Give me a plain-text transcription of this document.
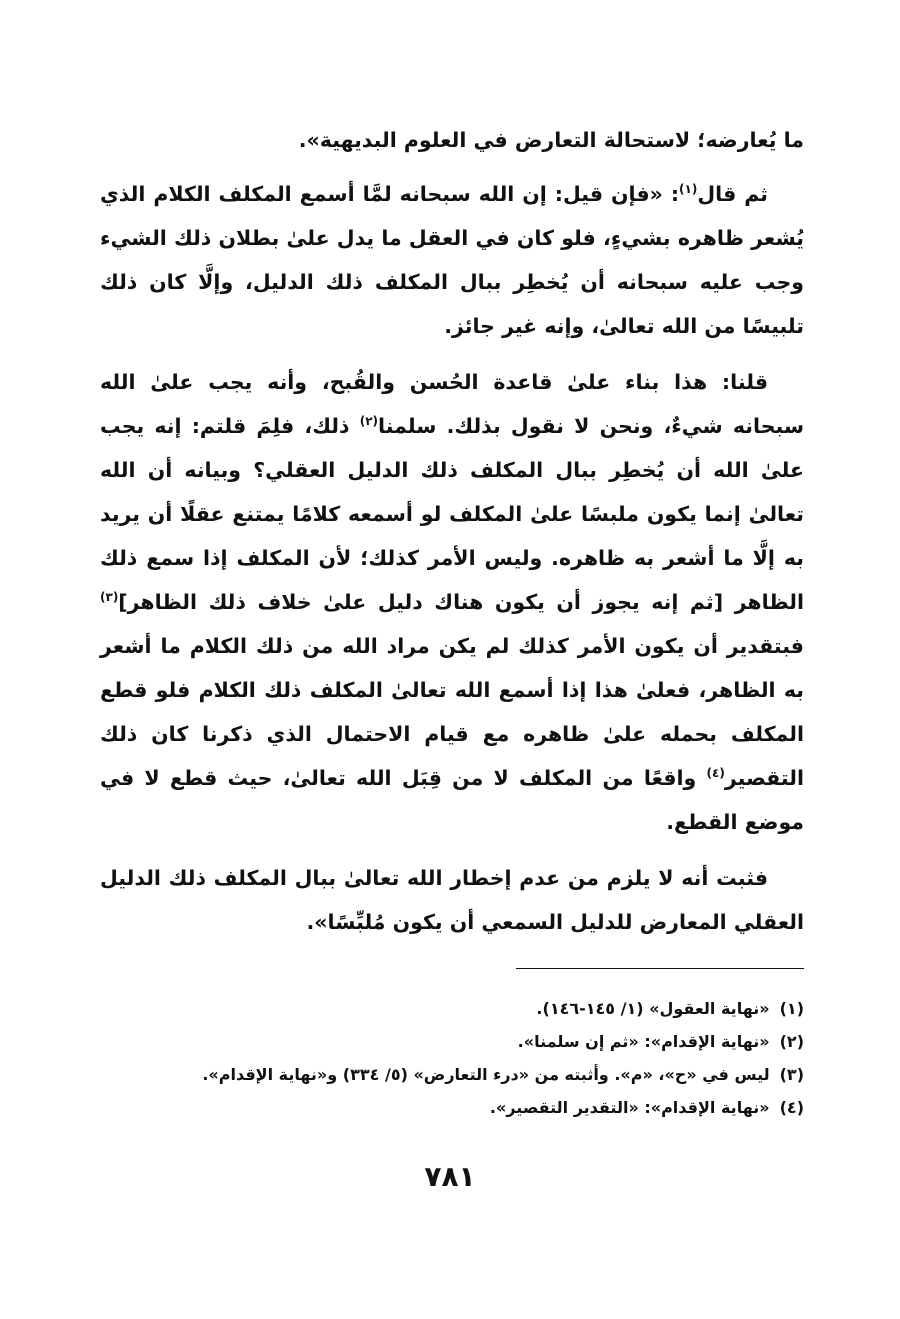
ما يُعارضه؛ لاستحالة التعارض في العلوم البديهية».

ثم قال$^{(١)}$: «فإن قيل: إن الله سبحانه لمَّا أسمع المكلف الكلام الذي يُشعر ظاهره بشيءٍ، فلو كان في العقل ما يدل علىٰ بطلان ذلك الشيء وجب عليه سبحانه أن يُخطِر ببال المكلف ذلك الدليل، وإلَّا كان ذلك تلبيسًا من الله تعالىٰ، وإنه غير جائز.

قلنا: هذا بناء علىٰ قاعدة الحُسن والقُبح، وأنه يجب علىٰ الله سبحانه شيءٌ، ونحن لا نقول بذلك. سلمنا$^{(٢)}$ ذلك، فلِمَ قلتم: إنه يجب علىٰ الله أن يُخطِر ببال المكلف ذلك الدليل العقلي؟ وبيانه أن الله تعالىٰ إنما يكون ملبسًا علىٰ المكلف لو أسمعه كلامًا يمتنع عقلًا أن يريد به إلَّا ما أشعر به ظاهره. وليس الأمر كذلك؛ لأن المكلف إذا سمع ذلك الظاهر [ثم إنه يجوز أن يكون هناك دليل علىٰ خلاف ذلك الظاهر]$^{(٣)}$ فبتقدير أن يكون الأمر كذلك لم يكن مراد الله من ذلك الكلام ما أشعر به الظاهر، فعلىٰ هذا إذا أسمع الله تعالىٰ المكلف ذلك الكلام فلو قطع المكلف بحمله علىٰ ظاهره مع قيام الاحتمال الذي ذكرنا كان ذلك التقصير$^{(٤)}$ واقعًا من المكلف لا من قِبَل الله تعالىٰ، حيث قطع لا في موضع القطع.

فثبت أنه لا يلزم من عدم إخطار الله تعالىٰ ببال المكلف ذلك الدليل العقلي المعارض للدليل السمعي أن يكون مُلبِّسًا».

(١)«نهاية العقول» (١/ ١٤٥-١٤٦).

(٢)«نهاية الإقدام»: «ثم إن سلمنا».

(٣)ليس في «ح»، «م». وأثبته من «درء التعارض» (٥/ ٣٣٤) و«نهاية الإقدام».

(٤)«نهاية الإقدام»: «التقدير التقصير».

٧٨١
